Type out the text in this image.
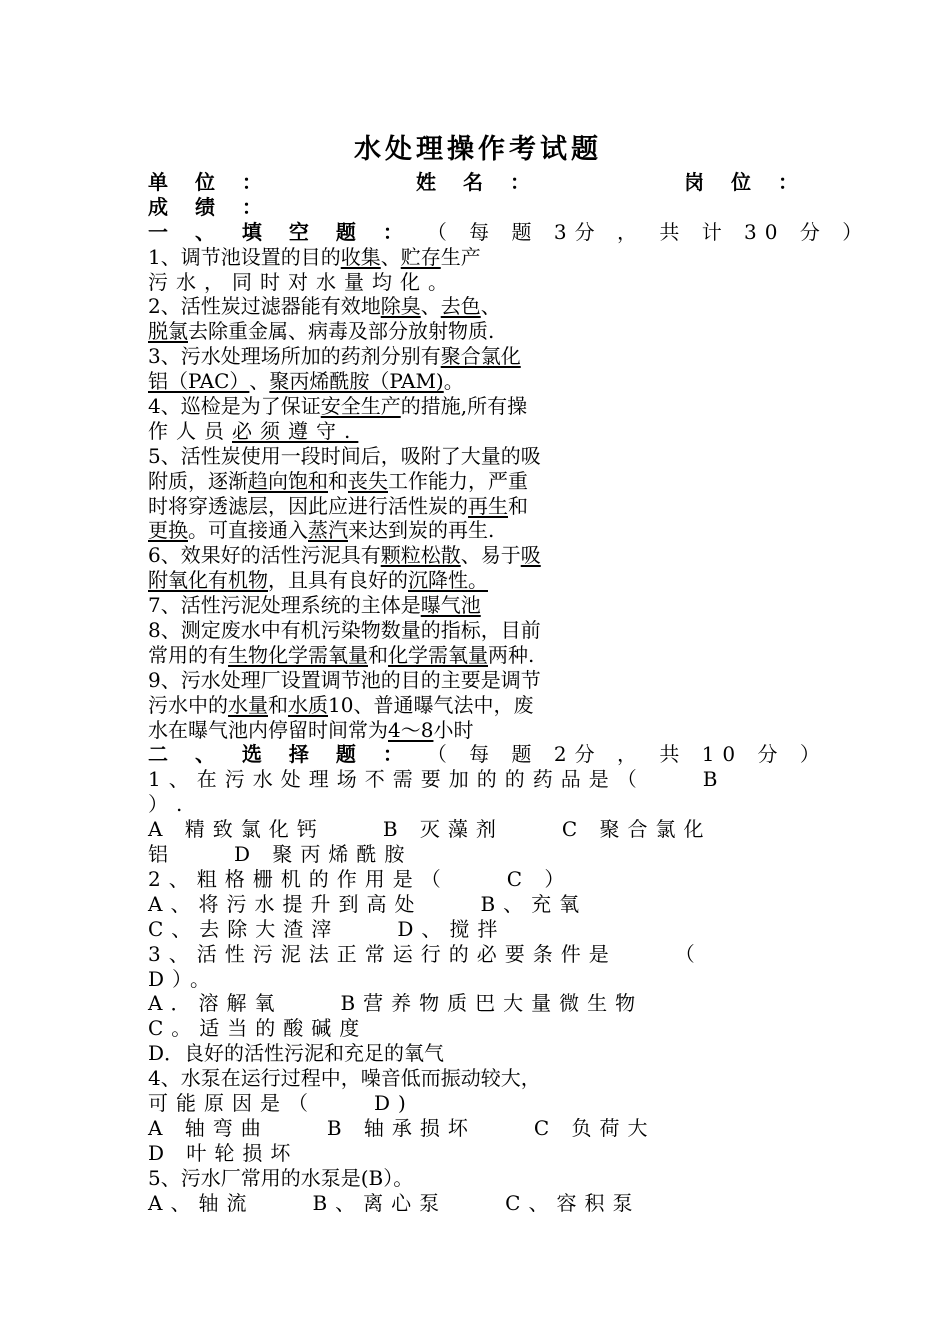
水处理操作考试题
单 位 ：	姓 名 ：	岗 位 ：
成 绩 ：
一 、 填 空 题 ： （ 每 题 3分 ， 共 计 30 分 ）
1、调节池设置的目的 收集 、 贮存 生产
污水，同时对水量均化。
2、活性炭过滤器能有效地 除臭 、 去色 、
脱氯 去除重金属、病毒及部分放射物质.
3、污水处理场所加的药剂分别有 聚合氯化
铝（PAC） 、 聚丙烯酰胺（PAM) 。
4、巡检是为了保证 安全生产 的措施,所有操
作人员 必须遵守.
5、活性炭使用一段时间后，吸附了大量的吸
附质，逐渐 趋向饱和 和 丧失 工作能力，严重
时将穿透滤层，因此应进行活性炭的 再生 和
更换 。可直接通入 蒸汽 来达到炭的再生.
6、效果好的活性污泥具有 颗粒松散 、易于 吸
附氧化有机物 ，且具有良好的 沉降性。
7、活性污泥处理系统的主体是 曝气池
8、测定废水中有机污染物数量的指标，目前
常用的有 生物化学需氧量 和 化学需氧量 两种.
9、污水处理厂设置调节池的目的主要是调节
污水中的 水量 和 水质 10、普通曝气法中，废
水在曝气池内停留时间常为 4～8 小时
二 、 选 择 题 ： （ 每 题 2分 ， 共 10 分 ）
1、在污水处理场不需要加的的药品是（	B
）.
A 精致氯化钙	B 灭藻剂	C 聚合氯化
铝	D 聚丙烯酰胺
2、粗格栅机的作用是（	C ）
A、将污水提升到高处	B、充氧
C、去除大渣滓	D、搅拌
3、活性污泥法正常运行的必要条件是	（
D）。
A．溶解氧	B营养物质巴大量微生物
C。适当的酸碱度
D．良好的活性污泥和充足的氧气
4、水泵在运行过程中，噪音低而振动较大，
可能原因是（	D)
A 轴弯曲	B 轴承损坏	C 负荷大
D 叶轮损坏
5、污水厂常用的水泵是(B）。
A、轴流	B、离心泵	C、容积泵
